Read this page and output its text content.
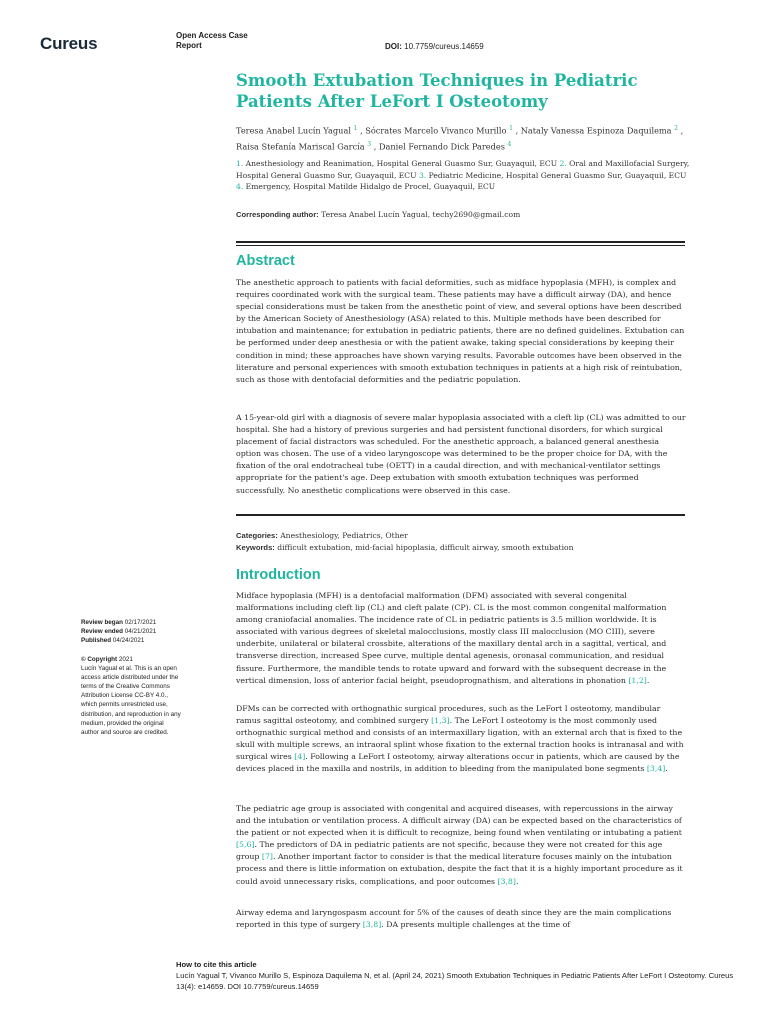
Cureus	Open Access Case
Report	DOI: 10.7759/cureus.14659
Smooth Extubation Techniques in Pediatric Patients After LeFort I Osteotomy
Teresa Anabel Lucín Yagual $^1$ , Sócrates Marcelo Vivanco Murillo $^1$ , Nataly Vanessa Espinoza Daquilema $^2$ , Raisa Stefanía Mariscal García $^3$ , Daniel Fernando Dick Paredes $^4$
1. Anesthesiology and Reanimation, Hospital General Guasmo Sur, Guayaquil, ECU 2. Oral and Maxillofacial Surgery, Hospital General Guasmo Sur, Guayaquil, ECU 3. Pediatric Medicine, Hospital General Guasmo Sur, Guayaquil, ECU 4. Emergency, Hospital Matilde Hidalgo de Procel, Guayaquil, ECU
Corresponding author: Teresa Anabel Lucín Yagual, techy2690@gmail.com
Abstract
The anesthetic approach to patients with facial deformities, such as midface hypoplasia (MFH), is complex and requires coordinated work with the surgical team. These patients may have a difficult airway (DA), and hence special considerations must be taken from the anesthetic point of view, and several options have been described by the American Society of Anesthesiology (ASA) related to this. Multiple methods have been described for intubation and maintenance; for extubation in pediatric patients, there are no defined guidelines. Extubation can be performed under deep anesthesia or with the patient awake, taking special considerations by keeping their condition in mind; these approaches have shown varying results. Favorable outcomes have been observed in the literature and personal experiences with smooth extubation techniques in patients at a high risk of reintubation, such as those with dentofacial deformities and the pediatric population.
A 15-year-old girl with a diagnosis of severe malar hypoplasia associated with a cleft lip (CL) was admitted to our hospital. She had a history of previous surgeries and had persistent functional disorders, for which surgical placement of facial distractors was scheduled. For the anesthetic approach, a balanced general anesthesia option was chosen. The use of a video laryngoscope was determined to be the proper choice for DA, with the fixation of the oral endotracheal tube (OETT) in a caudal direction, and with mechanical-ventilator settings appropriate for the patient's age. Deep extubation with smooth extubation techniques was performed successfully. No anesthetic complications were observed in this case.
Categories: Anesthesiology, Pediatrics, Other
Keywords: difficult extubation, mid-facial hipoplasia, difficult airway, smooth extubation
Introduction
Midface hypoplasia (MFH) is a dentofacial malformation (DFM) associated with several congenital malformations including cleft lip (CL) and cleft palate (CP). CL is the most common congenital malformation among craniofacial anomalies. The incidence rate of CL in pediatric patients is 3.5 million worldwide. It is associated with various degrees of skeletal malocclusions, mostly class III malocclusion (MO CIII), severe underbite, unilateral or bilateral crossbite, alterations of the maxillary dental arch in a sagittal, vertical, and transverse direction, increased Spee curve, multiple dental agenesis, oronasal communication, and residual fissure. Furthermore, the mandible tends to rotate upward and forward with the subsequent decrease in the vertical dimension, loss of anterior facial height, pseudoprognathism, and alterations in phonation [1,2].
DFMs can be corrected with orthognathic surgical procedures, such as the LeFort I osteotomy, mandibular ramus sagittal osteotomy, and combined surgery [1,3]. The LeFort I osteotomy is the most commonly used orthognathic surgical method and consists of an intermaxillary ligation, with an external arch that is fixed to the skull with multiple screws, an intraoral splint whose fixation to the external traction hooks is intranasal and with surgical wires [4]. Following a LeFort I osteotomy, airway alterations occur in patients, which are caused by the devices placed in the maxilla and nostrils, in addition to bleeding from the manipulated bone segments [3,4].
The pediatric age group is associated with congenital and acquired diseases, with repercussions in the airway and the intubation or ventilation process. A difficult airway (DA) can be expected based on the characteristics of the patient or not expected when it is difficult to recognize, being found when ventilating or intubating a patient [5,6]. The predictors of DA in pediatric patients are not specific, because they were not created for this age group [7]. Another important factor to consider is that the medical literature focuses mainly on the intubation process and there is little information on extubation, despite the fact that it is a highly important procedure as it could avoid unnecessary risks, complications, and poor outcomes [3,8].
Airway edema and laryngospasm account for 5% of the causes of death since they are the main complications reported in this type of surgery [3,8]. DA presents multiple challenges at the time of
Review began 02/17/2021
Review ended 04/21/2021
Published 04/24/2021
© Copyright 2021
Lucín Yagual et al. This is an open access article distributed under the terms of the Creative Commons Attribution License CC-BY 4.0., which permits unrestricted use, distribution, and reproduction in any medium, provided the original author and source are credited.
How to cite this article
Lucín Yagual T, Vivanco Murillo S, Espinoza Daquilema N, et al. (April 24, 2021) Smooth Extubation Techniques in Pediatric Patients After LeFort I Osteotomy. Cureus 13(4): e14659. DOI 10.7759/cureus.14659
